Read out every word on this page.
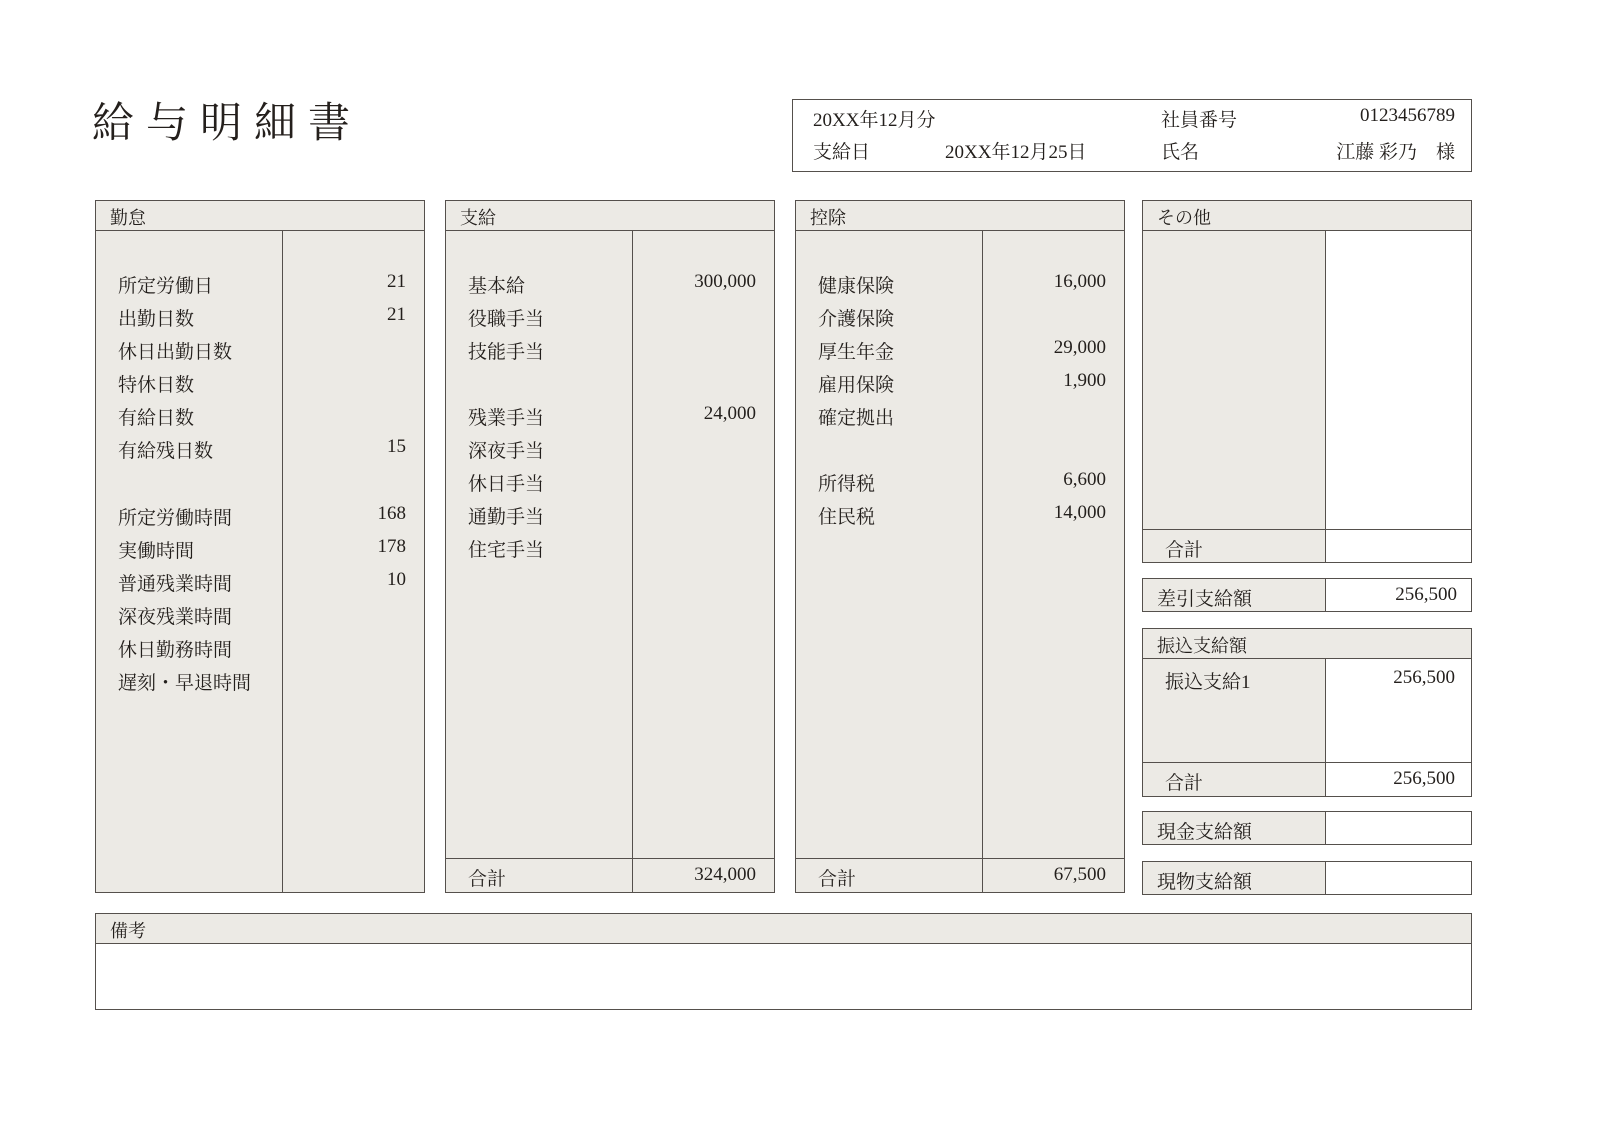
給与明細書	20XX年12月分	社員番号	0123456789
支給日	20XX年12月25日	氏名	江藤 彩乃　様
勤怠
所定労働日	21
出勤日数	21
休日出勤日数
特休日数
有給日数
有給残日数	15
所定労働時間	168
実働時間	178
普通残業時間	10
深夜残業時間
休日勤務時間
遅刻・早退時間
支給
基本給	300,000
役職手当
技能手当
残業手当	24,000
深夜手当
休日手当
通勤手当
住宅手当
合計	324,000
控除
健康保険	16,000
介護保険
厚生年金	29,000
雇用保険	1,900
確定拠出
所得税	6,600
住民税	14,000
合計	67,500
その他
合計
差引支給額	256,500
振込支給額
振込支給1	256,500
合計	256,500
現金支給額
現物支給額
備考
